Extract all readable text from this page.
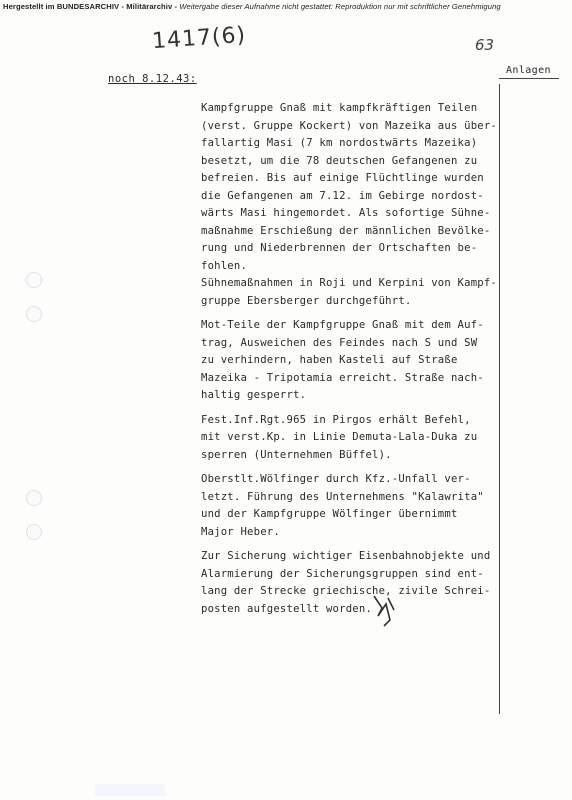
Hergestellt im BUNDESARCHIV - Militärarchiv - Weitergabe dieser Aufnahme nicht gestattet: Reproduktion nur mit schriftlicher Genehmigung
1417(6)	63
noch 8.12.43:
Anlagen
Kampfgruppe Gnaß mit kampfkräftigen Teilen
(verst. Gruppe Kockert) von Mazeika aus über-
fallartig Masi (7 km nordostwärts Mazeika)
besetzt, um die 78 deutschen Gefangenen zu
befreien. Bis auf einige Flüchtlinge wurden
die Gefangenen am 7.12. im Gebirge nordost-
wärts Masi hingemordet. Als sofortige Sühne-
maßnahme Erschießung der männlichen Bevölke-
rung und Niederbrennen der Ortschaften be-
fohlen.
Sühnemaßnahmen in Roji und Kerpini von Kampf-
gruppe Ebersberger durchgeführt.
Mot-Teile der Kampfgruppe Gnaß mit dem Auf-
trag, Ausweichen des Feindes nach S und SW
zu verhindern, haben Kasteli auf Straße
Mazeika - Tripotamia erreicht. Straße nach-
haltig gesperrt.
Fest.Inf.Rgt.965 in Pirgos erhält Befehl,
mit verst.Kp. in Linie Demuta-Lala-Duka zu
sperren (Unternehmen Büffel).
Oberstlt.Wölfinger durch Kfz.-Unfall ver-
letzt. Führung des Unternehmens "Kalawrita"
und der Kampfgruppe Wölfinger übernimmt
Major Heber.
Zur Sicherung wichtiger Eisenbahnobjekte und
Alarmierung der Sicherungsgruppen sind ent-
lang der Strecke griechische, zivile Schrei-
posten aufgestellt worden.
